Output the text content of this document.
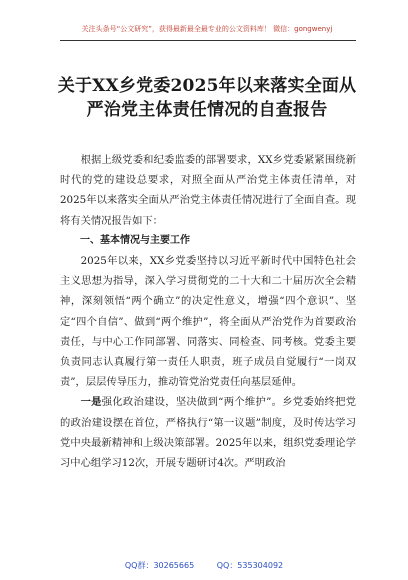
关注头条号“公文研究”，获得最新最全最专业的公文资料库！ 微信：gongwenyj
关于XX乡党委2025年以来落实全面从
严治党主体责任情况的自查报告

根据上级党委和纪委监委的部署要求，XX乡党委紧紧围绕新时代的党的建设总要求，对照全面从严治党主体责任清单，对2025年以来落实全面从严治党主体责任情况进行了全面自查。现将有关情况报告如下：

一、基本情况与主要工作

2025年以来，XX乡党委坚持以习近平新时代中国特色社会主义思想为指导，深入学习贯彻党的二十大和二十届历次全会精神，深刻领悟“两个确立”的决定性意义，增强“四个意识”、坚定“四个自信”、做到“两个维护”，将全面从严治党作为首要政治责任，与中心工作同部署、同落实、同检查、同考核。党委主要负责同志认真履行第一责任人职责，班子成员自觉履行“一岗双责”，层层传导压力，推动管党治党责任向基层延伸。

一是强化政治建设，坚决做到“两个维护”。乡党委始终把党的政治建设摆在首位，严格执行“第一议题”制度，及时传达学习党中央最新精神和上级决策部署。2025年以来，组织党委理论学习中心组学习12次，开展专题研讨4次。严明政治

QQ群：30265665	QQ：535304092
